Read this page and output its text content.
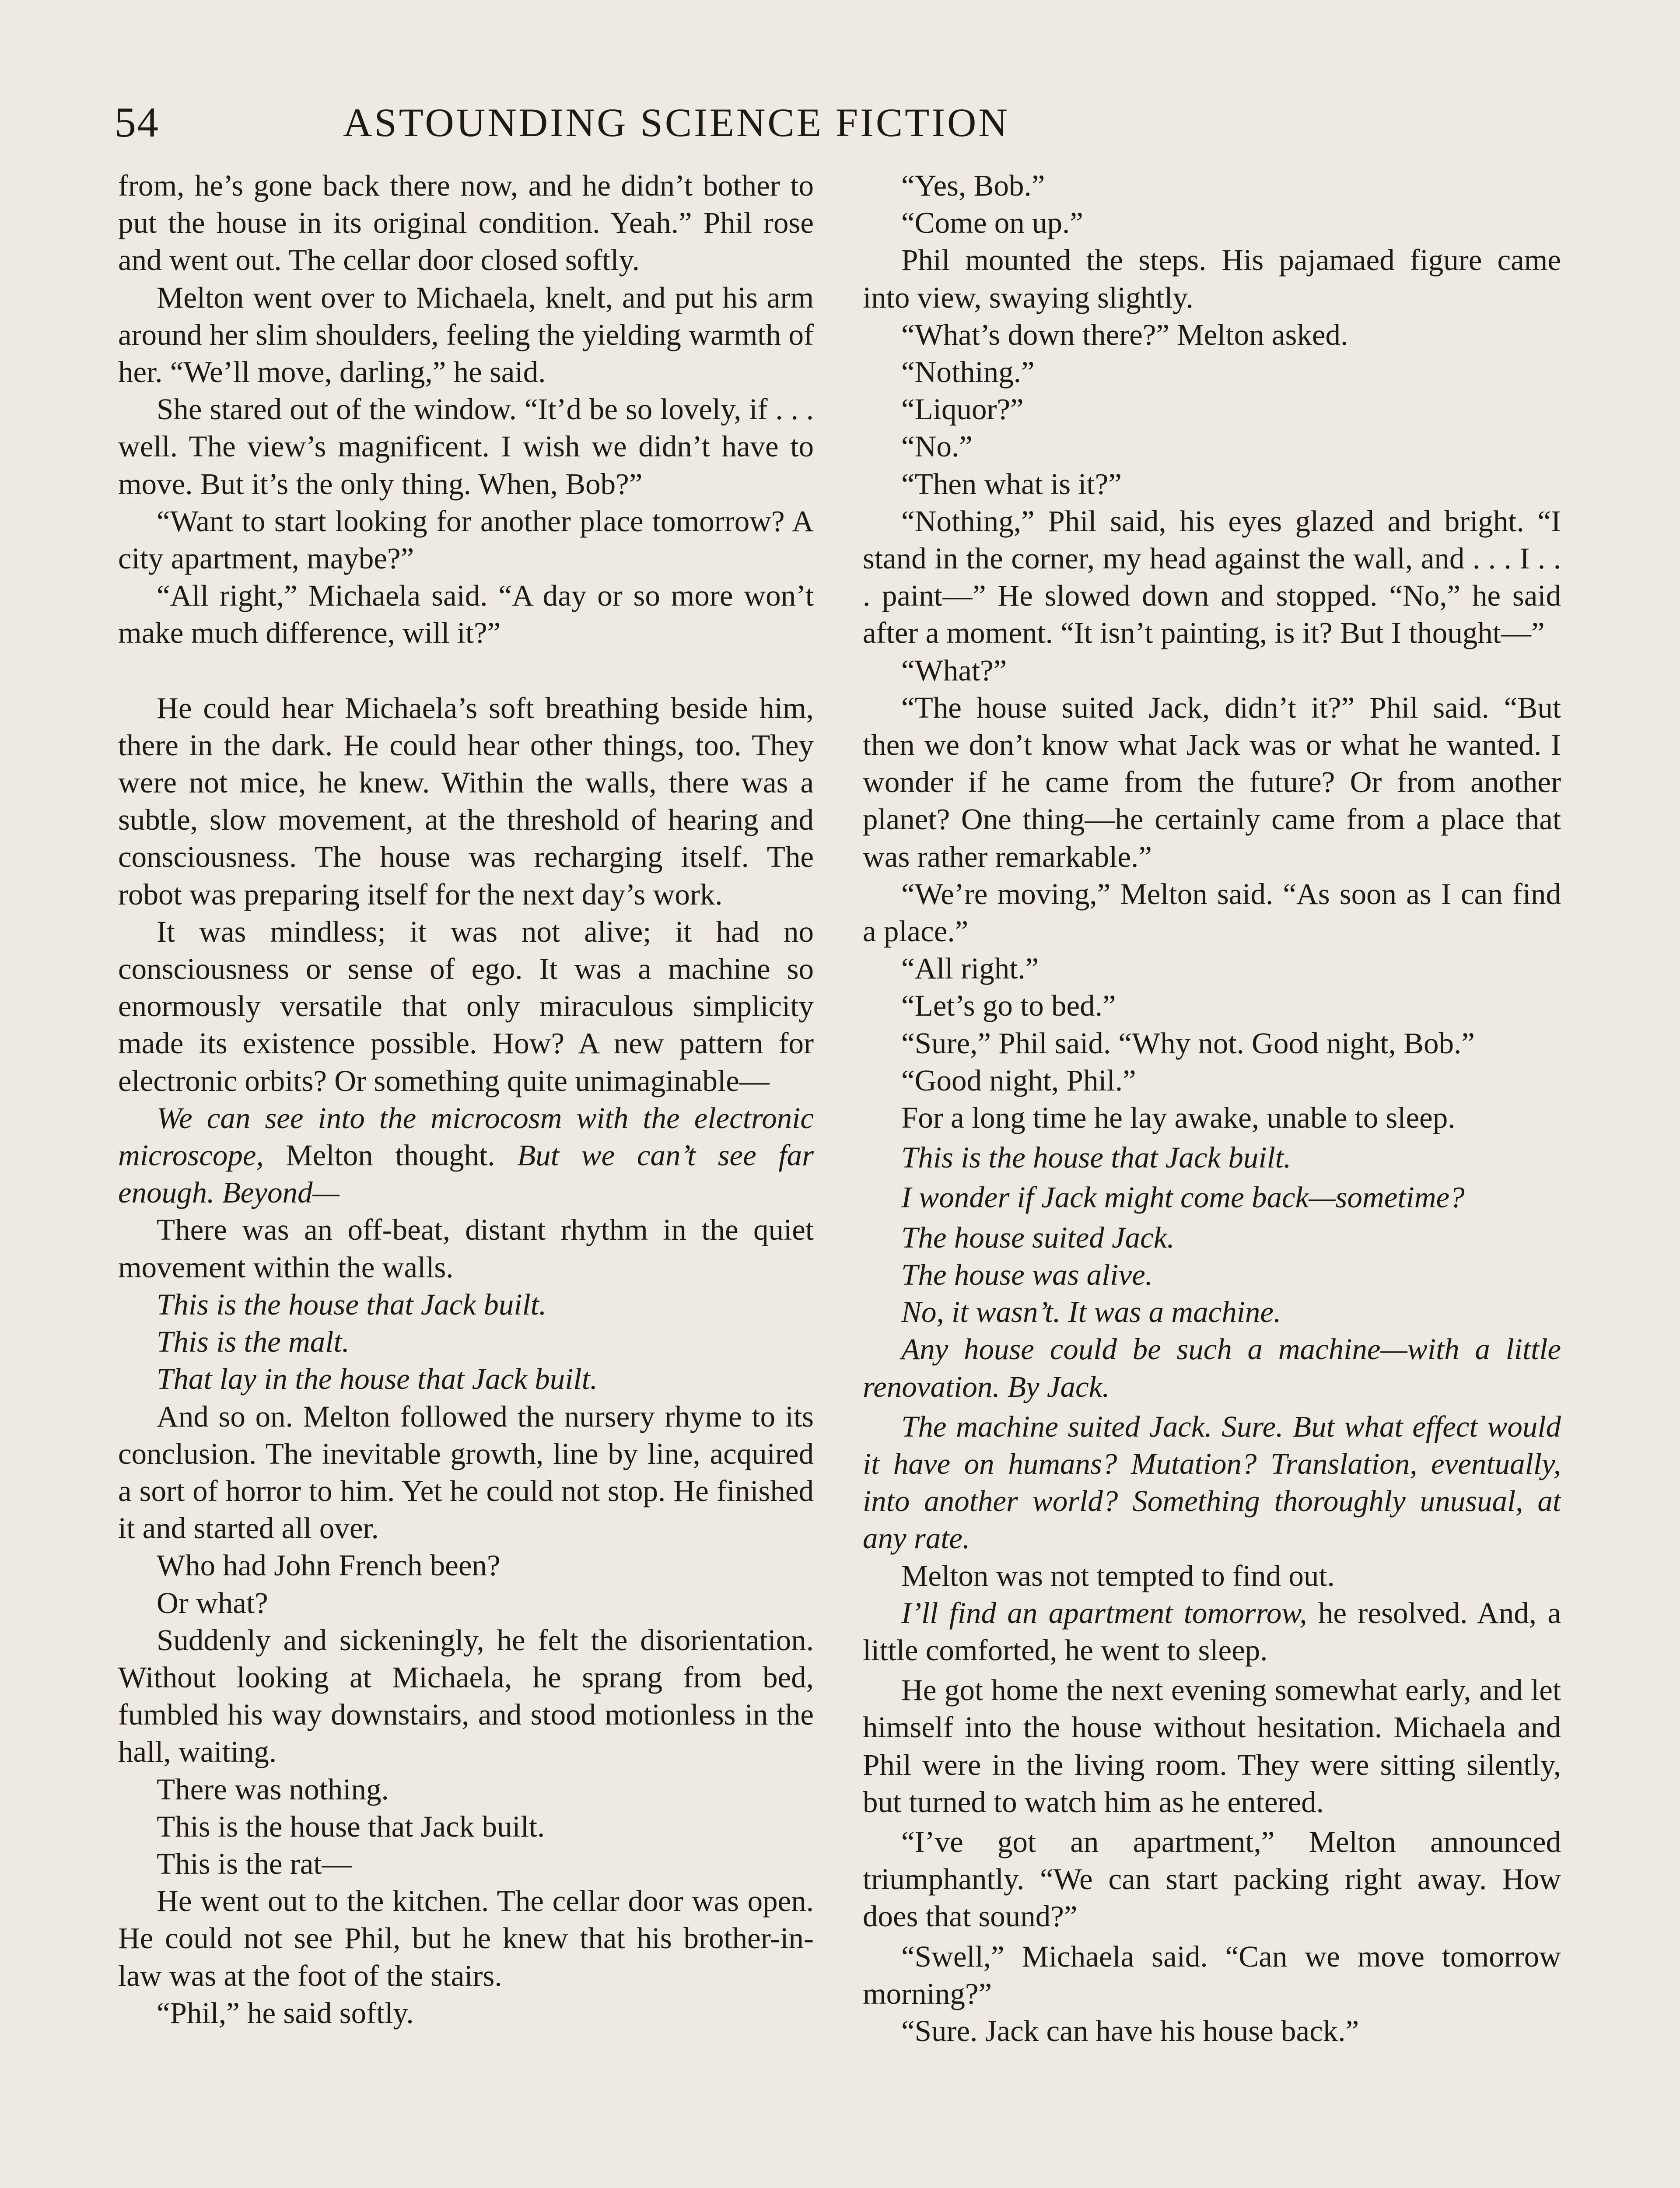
54	ASTOUNDING SCIENCE FICTION

from, he’s gone back there now, and he didn’t bother to put the house in its original condition. Yeah.” Phil rose and went out. The cellar door closed softly.

Melton went over to Michaela, knelt, and put his arm around her slim shoulders, feeling the yielding warmth of her. “We’ll move, darling,” he said.

She stared out of the window. “It’d be so lovely, if . . . well. The view’s magnificent. I wish we didn’t have to move. But it’s the only thing. When, Bob?”

“Want to start looking for another place tomorrow? A city apartment, maybe?”

“All right,” Michaela said. “A day or so more won’t make much difference, will it?”

He could hear Michaela’s soft breathing beside him, there in the dark. He could hear other things, too. They were not mice, he knew. Within the walls, there was a subtle, slow movement, at the threshold of hearing and consciousness. The house was recharging itself. The robot was preparing itself for the next day’s work.

It was mindless; it was not alive; it had no consciousness or sense of ego. It was a machine so enormously versatile that only miraculous simplicity made its existence possible. How? A new pattern for electronic orbits? Or something quite unimaginable—

We can see into the microcosm with the electronic microscope, Melton thought. But we can’t see far enough. Beyond—

There was an off-beat, distant rhythm in the quiet movement within the walls.

This is the house that Jack built.

This is the malt.

That lay in the house that Jack built.

And so on. Melton followed the nursery rhyme to its conclusion. The inevitable growth, line by line, acquired a sort of horror to him. Yet he could not stop. He finished it and started all over.

Who had John French been?

Or what?

Suddenly and sickeningly, he felt the disorientation. Without looking at Michaela, he sprang from bed, fumbled his way downstairs, and stood motionless in the hall, waiting.

There was nothing.

This is the house that Jack built.

This is the rat—

He went out to the kitchen. The cellar door was open. He could not see Phil, but he knew that his brother-in-law was at the foot of the stairs.

“Phil,” he said softly.

“Yes, Bob.”

“Come on up.”

Phil mounted the steps. His pajamaed figure came into view, swaying slightly.

“What’s down there?” Melton asked.

“Nothing.”

“Liquor?”

“No.”

“Then what is it?”

“Nothing,” Phil said, his eyes glazed and bright. “I stand in the corner, my head against the wall, and . . . I . . . paint—” He slowed down and stopped. “No,” he said after a moment. “It isn’t painting, is it? But I thought—”

“What?”

“The house suited Jack, didn’t it?” Phil said. “But then we don’t know what Jack was or what he wanted. I wonder if he came from the future? Or from another planet? One thing—he certainly came from a place that was rather remarkable.”

“We’re moving,” Melton said. “As soon as I can find a place.”

“All right.”

“Let’s go to bed.”

“Sure,” Phil said. “Why not. Good night, Bob.”

“Good night, Phil.”

For a long time he lay awake, unable to sleep.

This is the house that Jack built.

I wonder if Jack might come back—sometime?

The house suited Jack.

The house was alive.

No, it wasn’t. It was a machine.

Any house could be such a machine—with a little renovation. By Jack.

The machine suited Jack. Sure. But what effect would it have on humans? Mutation? Translation, eventually, into another world? Something thoroughly unusual, at any rate.

Melton was not tempted to find out.

I’ll find an apartment tomorrow, he resolved. And, a little comforted, he went to sleep.

He got home the next evening somewhat early, and let himself into the house without hesitation. Michaela and Phil were in the living room. They were sitting silently, but turned to watch him as he entered.

“I’ve got an apartment,” Melton announced triumphantly. “We can start packing right away. How does that sound?”

“Swell,” Michaela said. “Can we move tomorrow morning?”

“Sure. Jack can have his house back.”
